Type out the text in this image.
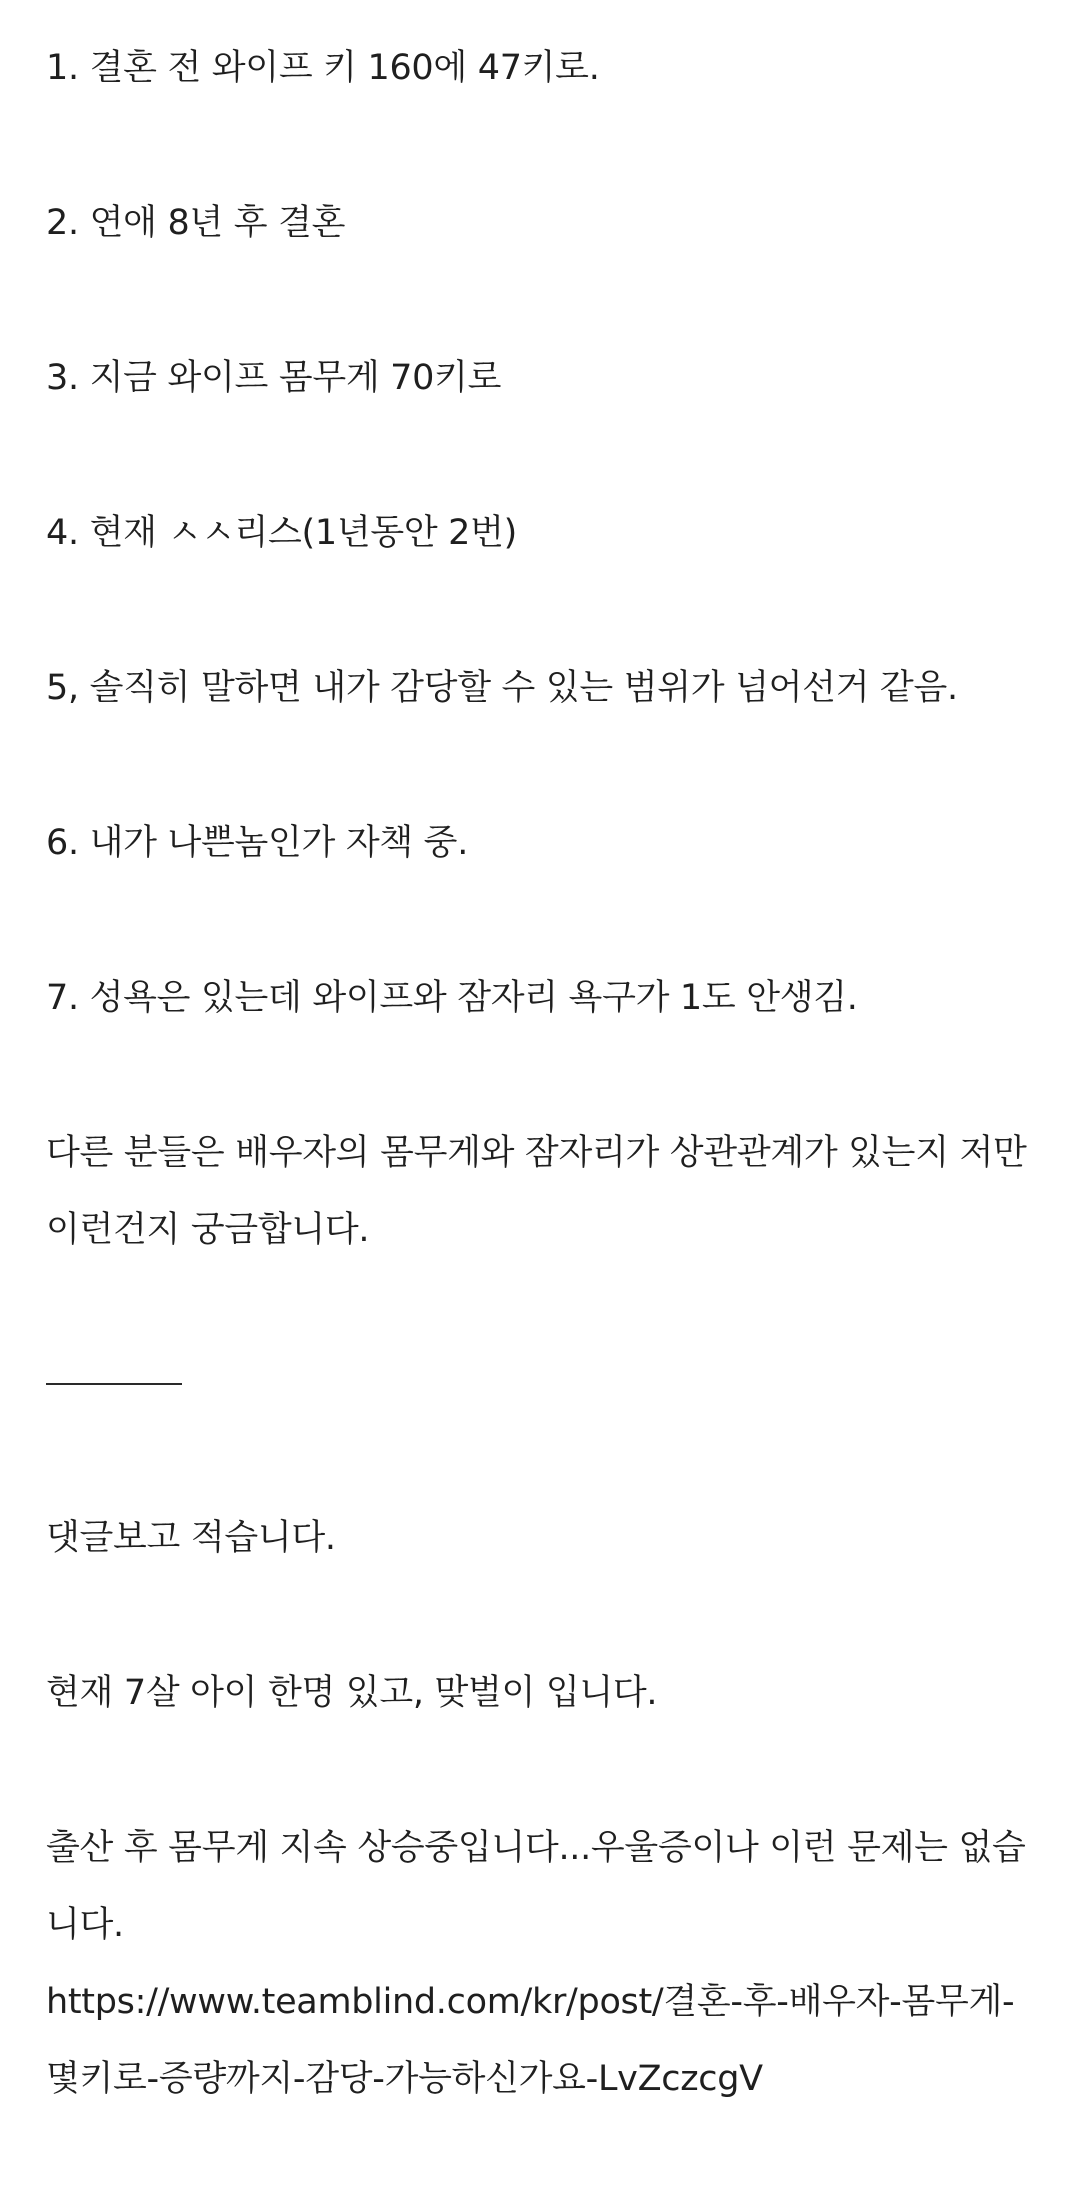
1. 결혼 전 와이프 키 160에 47키로.
2. 연애 8년 후 결혼
3. 지금 와이프 몸무게 70키로
4. 현재 ㅅㅅ리스(1년동안 2번)
5, 솔직히 말하면 내가 감당할 수 있는 범위가 넘어선거 같음.
6. 내가 나쁜놈인가 자책 중.
7. 성욕은 있는데 와이프와 잠자리 욕구가 1도 안생김.
다른 분들은 배우자의 몸무게와 잠자리가 상관관계가 있는지 저만 이런건지 궁금합니다.
댓글보고 적습니다.
현재 7살 아이 한명 있고, 맞벌이 입니다.
출산 후 몸무게 지속 상승중입니다...우울증이나 이런 문제는 없습니다.
https://www.teamblind.com/kr/post/결혼-후-배우자-몸무게-몇키로-증량까지-감당-가능하신가요-LvZczcgV
